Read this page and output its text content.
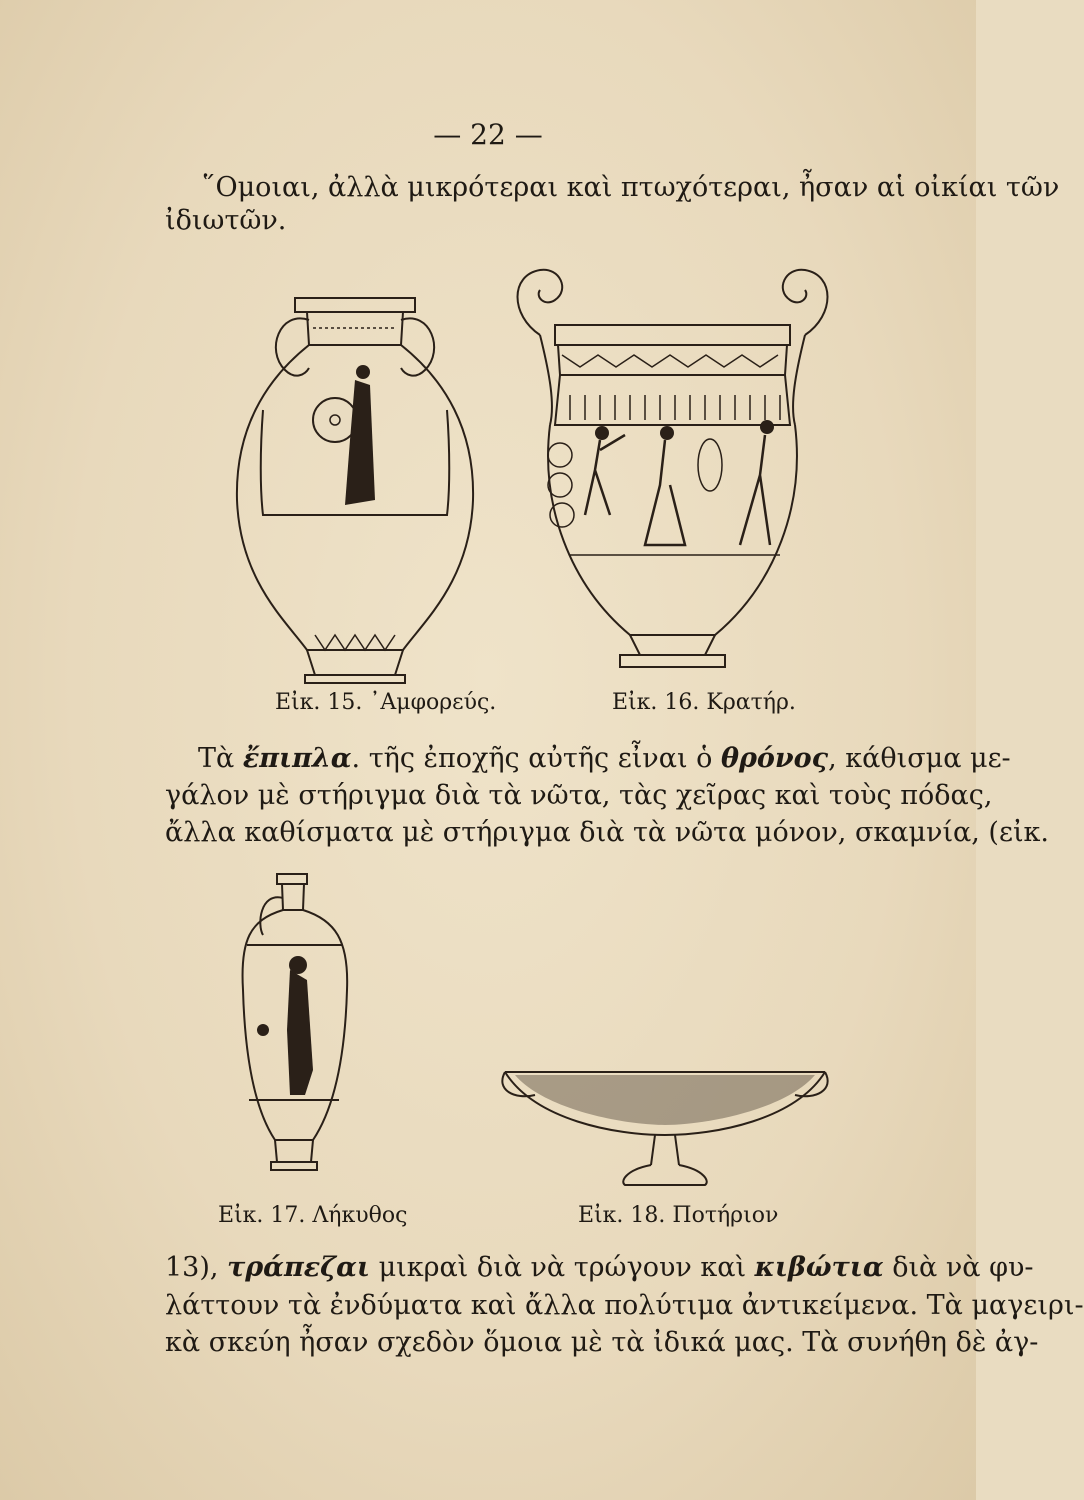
— 22 —
῞Ομοιαι, ἀλλὰ μικρότεραι καὶ πτωχότεραι, ἦσαν αἱ οἰκίαι τῶν
ἰδιωτῶν.
Εἰκ. 15. ᾿Αμφορεύς.	Εἰκ. 16. Κρατήρ.
Τὰ ἔπιπλα. τῆς ἐποχῆς αὐτῆς εἶναι ὁ θρόνος, κάθισμα με-
γάλον μὲ στήριγμα διὰ τὰ νῶτα, τὰς χεῖρας καὶ τοὺς πόδας,
ἄλλα καθίσματα μὲ στήριγμα διὰ τὰ νῶτα μόνον, σκαμνία, (εἰκ.
Εἰκ. 17. Λήκυθος	Εἰκ. 18. Ποτήριον
13), τράπεζαι μικραὶ διὰ νὰ τρώγουν καὶ κιβώτια διὰ νὰ φυ-
λάττουν τὰ ἐνδύματα καὶ ἄλλα πολύτιμα ἀντικείμενα. Τὰ μαγειρι-
κὰ σκεύη ἦσαν σχεδὸν ὅμοια μὲ τὰ ἰδικά μας. Τὰ συνήθη δὲ ἀγ-
